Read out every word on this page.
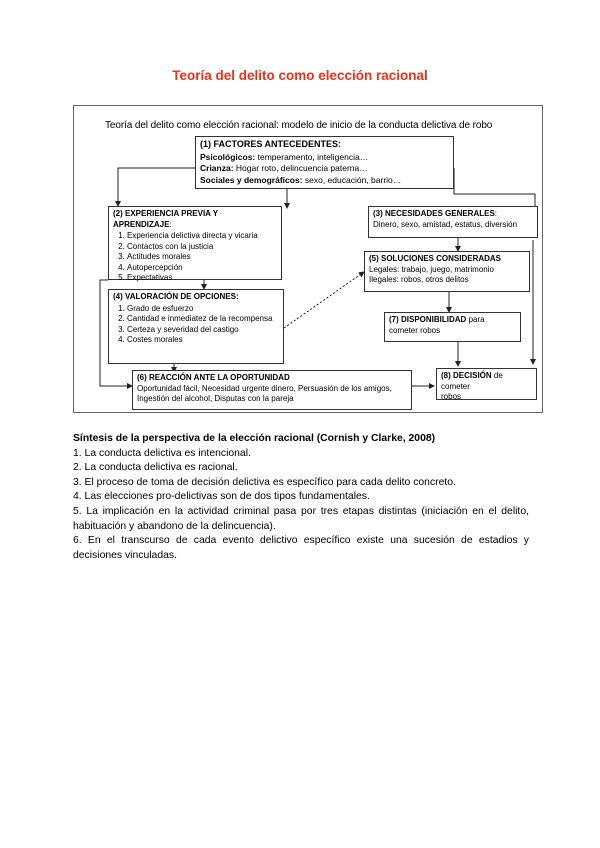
Teoría del delito como elección racional
Teoría del delito como elección racional: modelo de inicio de la conducta delictiva de robo
(1) FACTORES ANTECEDENTES:
Psicológicos: temperamento, inteligencia…
Crianza: Hogar roto, delincuencia paterna…
Sociales y demográficos: sexo, educación, barrio…
(2) EXPERIENCIA PREVIA Y APRENDIZAJE:
1. Experiencia delictiva directa y vicaria
2. Contactos con la justicia
3. Actitudes morales
4. Autopercepción
5. Expectativas
(3) NECESIDADES GENERALES:
Dinero, sexo, amistad, estatus, diversión
(5) SOLUCIONES CONSIDERADAS
Legales: trabajo, juego, matrimonio
Ilegales: robos, otros delitos
(4) VALORACIÓN DE OPCIONES:
1. Grado de esfuerzo
2. Cantidad e inmediatez de la recompensa
3. Certeza y severidad del castigo
4. Costes morales
(7) DISPONIBILIDAD para
cometer robos
(6) REACCIÓN ANTE LA OPORTUNIDAD
Oportunidad fácil, Necesidad urgente dinero, Persuasión de los amigos, Ingestión del alcohol, Disputas con la pareja
(8) DECISIÓN de cometer
robos

Síntesis de la perspectiva de la elección racional (Cornish y Clarke, 2008)

1. La conducta delictiva es intencional.

2. La conducta delictiva es racional.

3. El proceso de toma de decisión delictiva es específico para cada delito concreto.

4. Las elecciones pro-delictivas son de dos tipos fundamentales.

5. La implicación en la actividad criminal pasa por tres etapas distintas (iniciación en el delito, habituación y abandono de la delincuencia).

6. En el transcurso de cada evento delictivo específico existe una sucesión de estadios y decisiones vinculadas.
